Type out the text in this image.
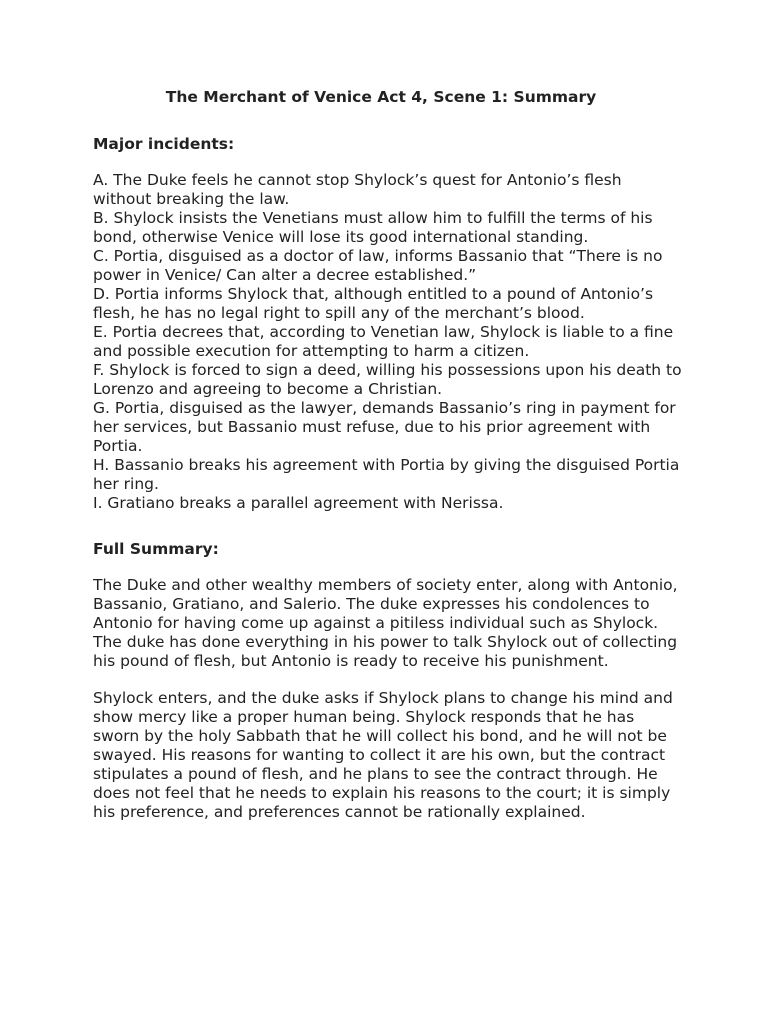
The Merchant of Venice Act 4, Scene 1: Summary
Major incidents:
A. The Duke feels he cannot stop Shylock’s quest for Antonio’s flesh without breaking the law.
B. Shylock insists the Venetians must allow him to fulfill the terms of his bond, otherwise Venice will lose its good international standing.
C. Portia, disguised as a doctor of law, informs Bassanio that “There is no power in Venice/ Can alter a decree established.”
D. Portia informs Shylock that, although entitled to a pound of Antonio’s flesh, he has no legal right to spill any of the merchant’s blood.
E. Portia decrees that, according to Venetian law, Shylock is liable to a fine and possible execution for attempting to harm a citizen.
F. Shylock is forced to sign a deed, willing his possessions upon his death to Lorenzo and agreeing to become a Christian.
G. Portia, disguised as the lawyer, demands Bassanio’s ring in payment for her services, but Bassanio must refuse, due to his prior agreement with Portia.
H. Bassanio breaks his agreement with Portia by giving the disguised Portia her ring.
I. Gratiano breaks a parallel agreement with Nerissa.
Full Summary:

The Duke and other wealthy members of society enter, along with Antonio, Bassanio, Gratiano, and Salerio. The duke expresses his condolences to Antonio for having come up against a pitiless individual such as Shylock. The duke has done everything in his power to talk Shylock out of collecting his pound of flesh, but Antonio is ready to receive his punishment.

Shylock enters, and the duke asks if Shylock plans to change his mind and show mercy like a proper human being. Shylock responds that he has sworn by the holy Sabbath that he will collect his bond, and he will not be swayed. His reasons for wanting to collect it are his own, but the contract stipulates a pound of flesh, and he plans to see the contract through. He does not feel that he needs to explain his reasons to the court; it is simply his preference, and preferences cannot be rationally explained.
